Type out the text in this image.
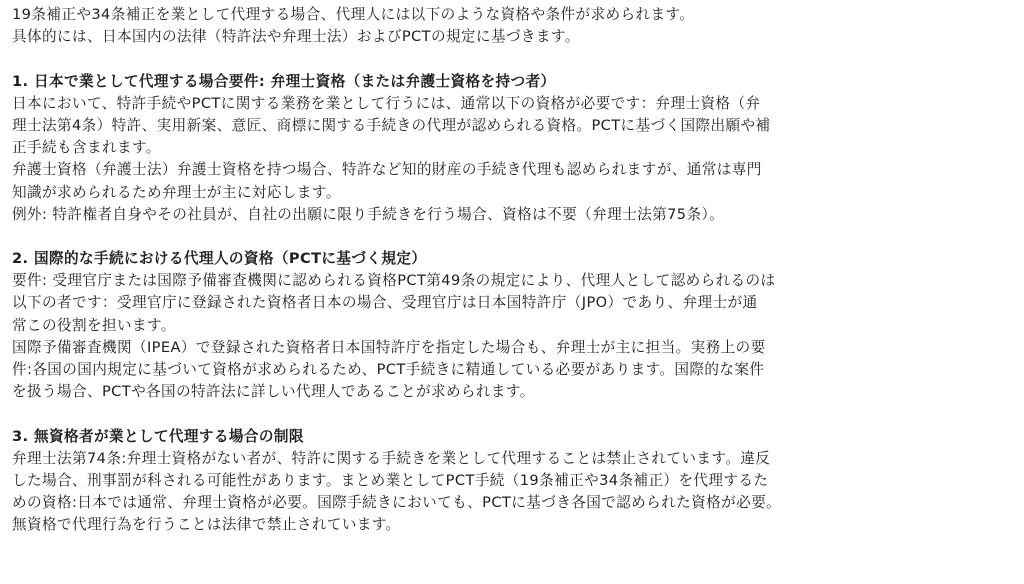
19条補正や34条補正を業として代理する場合、代理人には以下のような資格や条件が求められます。
具体的には、日本国内の法律（特許法や弁理士法）およびPCTの規定に基づきます。
1. 日本で業として代理する場合要件: 弁理士資格（または弁護士資格を持つ者）
日本において、特許手続やPCTに関する業務を業として行うには、通常以下の資格が必要です：弁理士資格（弁
理士法第4条）特許、実用新案、意匠、商標に関する手続きの代理が認められる資格。PCTに基づく国際出願や補
正手続も含まれます。
弁護士資格（弁護士法）弁護士資格を持つ場合、特許など知的財産の手続き代理も認められますが、通常は専門
知識が求められるため弁理士が主に対応します。
例外: 特許権者自身やその社員が、自社の出願に限り手続きを行う場合、資格は不要（弁理士法第75条）。
2. 国際的な手続における代理人の資格（PCTに基づく規定）
要件: 受理官庁または国際予備審査機関に認められる資格PCT第49条の規定により、代理人として認められるのは
以下の者です：受理官庁に登録された資格者日本の場合、受理官庁は日本国特許庁（JPO）であり、弁理士が通
常この役割を担います。
国際予備審査機関（IPEA）で登録された資格者日本国特許庁を指定した場合も、弁理士が主に担当。実務上の要
件:各国の国内規定に基づいて資格が求められるため、PCT手続きに精通している必要があります。国際的な案件
を扱う場合、PCTや各国の特許法に詳しい代理人であることが求められます。
3. 無資格者が業として代理する場合の制限
弁理士法第74条:弁理士資格がない者が、特許に関する手続きを業として代理することは禁止されています。違反
した場合、刑事罰が科される可能性があります。まとめ業としてPCT手続（19条補正や34条補正）を代理するた
めの資格:日本では通常、弁理士資格が必要。国際手続きにおいても、PCTに基づき各国で認められた資格が必要。
無資格で代理行為を行うことは法律で禁止されています。
